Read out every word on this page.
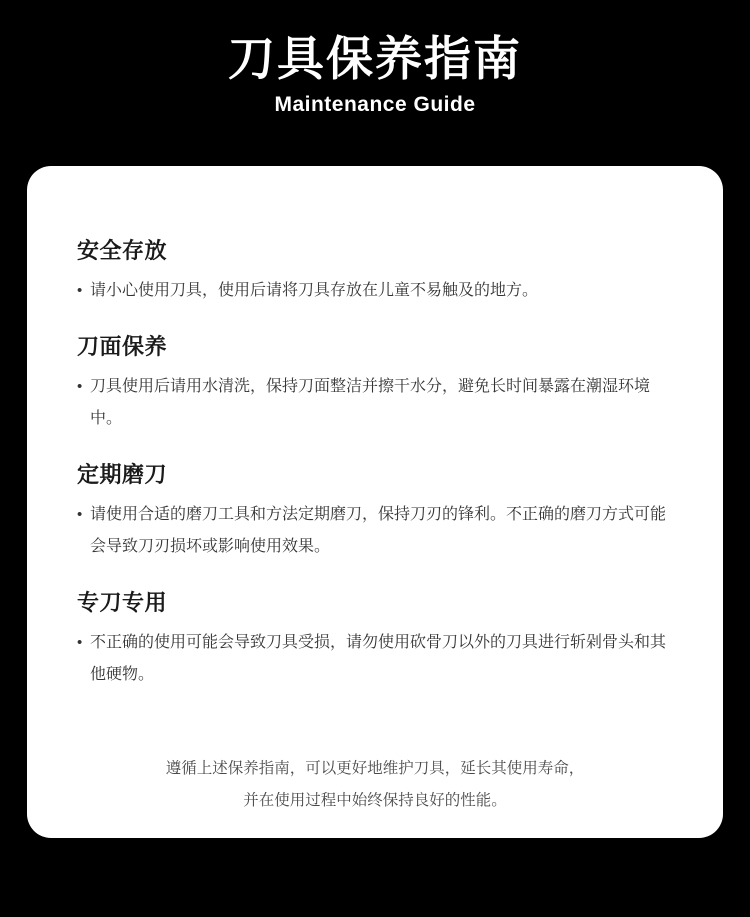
刀具保养指南
Maintenance Guide
安全存放
• 请小心使用刀具，使用后请将刀具存放在儿童不易触及的地方。
刀面保养
• 刀具使用后请用水清洗，保持刀面整洁并擦干水分，避免长时间暴露在潮湿环境中。
定期磨刀
• 请使用合适的磨刀工具和方法定期磨刀，保持刀刃的锋利。不正确的磨刀方式可能会导致刀刃损坏或影响使用效果。
专刀专用
• 不正确的使用可能会导致刀具受损，请勿使用砍骨刀以外的刀具进行斩剁骨头和其他硬物。
遵循上述保养指南，可以更好地维护刀具，延长其使用寿命，
并在使用过程中始终保持良好的性能。
